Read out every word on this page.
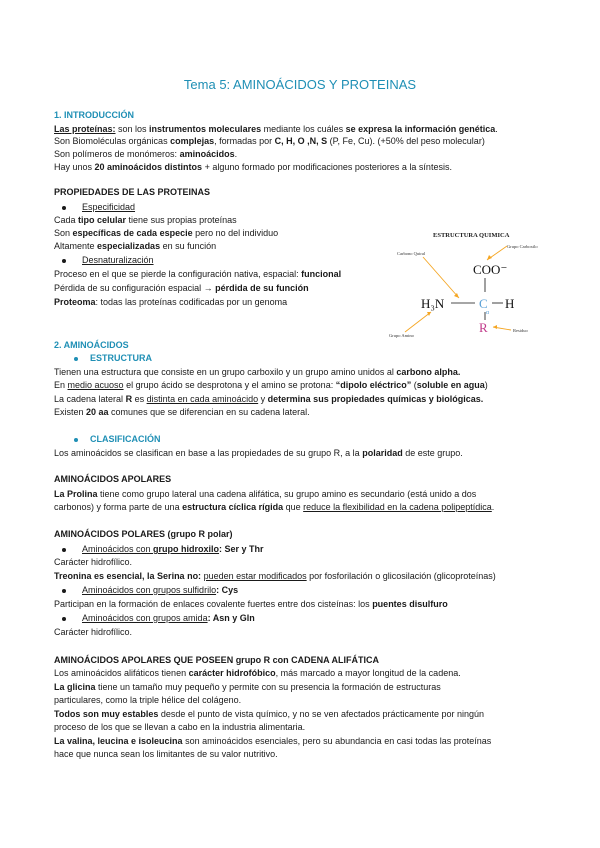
Tema 5: AMINOÁCIDOS Y PROTEINAS
1. INTRODUCCIÓN
Las proteínas: son los instrumentos moleculares mediante los cuáles se expresa la información genética.
Son Biomoléculas orgánicas complejas, formadas por C, H, O ,N, S (P, Fe, Cu). (+50% del peso molecular)
Son polímeros de monómeros: aminoácidos.
Hay unos 20 aminoácidos distintos + alguno formado por modificaciones posteriores a la síntesis.
PROPIEDADES DE LAS PROTEINAS
Especificidad
Cada tipo celular tiene sus propias proteínas
Son específicas de cada especie pero no del individuo
Altamente especializadas en su función
Desnaturalización
Proceso en el que se pierde la configuración nativa, espacial: funcional
Pérdida de su configuración espacial → pérdida de su función
Proteoma: todas las proteínas codificadas por un genoma
ESTRUCTURA QUIMICA
Carbono Quiral
Grupo Carboxilo
COO⁻
H₃N	C
α
H
R
Grupo Amino
Residuo
2. AMINOÁCIDOS
ESTRUCTURA
Tienen una estructura que consiste en un grupo carboxilo y un grupo amino unidos al carbono alpha.
En medio acuoso el grupo ácido se desprotona y el amino se protona: “dipolo eléctrico” (soluble en agua)
La cadena lateral R es distinta en cada aminoácido y determina sus propiedades químicas y biológicas.
Existen 20 aa comunes que se diferencian en su cadena lateral.
CLASIFICACIÓN
Los aminoácidos se clasifican en base a las propiedades de su grupo R, a la polaridad de este grupo.
AMINOÁCIDOS APOLARES
La Prolina tiene como grupo lateral una cadena alifática, su grupo amino es secundario (está unido a dos
carbonos) y forma parte de una estructura cíclica rígida que reduce la flexibilidad en la cadena polipeptídica.
AMINOÁCIDOS POLARES (grupo R polar)
Aminoácidos con grupo hidroxilo: Ser y Thr
Carácter hidrofílico.
Treonina es esencial, la Serina no: pueden estar modificados por fosforilación o glicosilación (glicoproteínas)
Aminoácidos con grupos sulfidrilo: Cys
Participan en la formación de enlaces covalente fuertes entre dos cisteínas: los puentes disulfuro
Aminoácidos con grupos amida: Asn y Gln
Carácter hidrofílico.
AMINOÁCIDOS APOLARES QUE POSEEN grupo R con CADENA ALIFÁTICA
Los aminoácidos alifáticos tienen carácter hidrofóbico, más marcado a mayor longitud de la cadena.
La glicina tiene un tamaño muy pequeño y permite con su presencia la formación de estructuras
particulares, como la triple hélice del colágeno.
Todos son muy estables desde el punto de vista químico, y no se ven afectados prácticamente por ningún
proceso de los que se llevan a cabo en la industria alimentaria.
La valina, leucina e isoleucina son aminoácidos esenciales, pero su abundancia en casi todas las proteínas
hace que nunca sean los limitantes de su valor nutritivo.
